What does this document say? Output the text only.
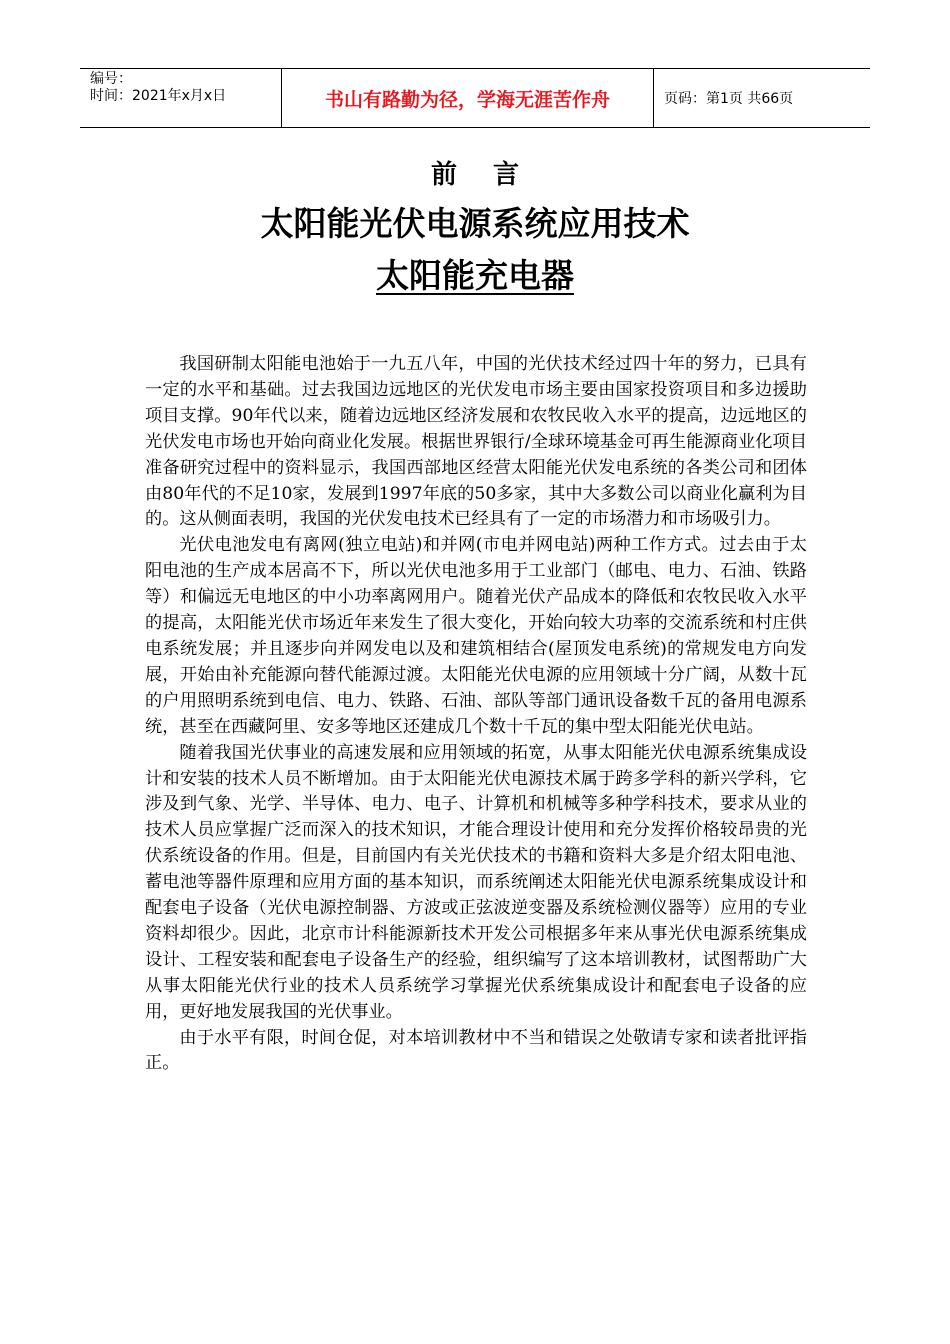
编号：
时间：2021年x月x日	书山有路勤为径，学海无涯苦作舟	页码：第1页 共66页
前言
太阳能光伏电源系统应用技术
太阳能充电器

我国研制太阳能电池始于一九五八年，中国的光伏技术经过四十年的努力，已具有一定的水平和基础。过去我国边远地区的光伏发电市场主要由国家投资项目和多边援助项目支撑。90年代以来，随着边远地区经济发展和农牧民收入水平的提高，边远地区的光伏发电市场也开始向商业化发展。根据世界银行/全球环境基金可再生能源商业化项目准备研究过程中的资料显示，我国西部地区经营太阳能光伏发电系统的各类公司和团体由80年代的不足10家，发展到1997年底的50多家，其中大多数公司以商业化赢利为目的。这从侧面表明，我国的光伏发电技术已经具有了一定的市场潜力和市场吸引力。

光伏电池发电有离网(独立电站)和并网(市电并网电站)两种工作方式。过去由于太阳电池的生产成本居高不下，所以光伏电池多用于工业部门（邮电、电力、石油、铁路等）和偏远无电地区的中小功率离网用户。随着光伏产品成本的降低和农牧民收入水平的提高，太阳能光伏市场近年来发生了很大变化，开始向较大功率的交流系统和村庄供电系统发展；并且逐步向并网发电以及和建筑相结合(屋顶发电系统)的常规发电方向发展，开始由补充能源向替代能源过渡。太阳能光伏电源的应用领域十分广阔，从数十瓦的户用照明系统到电信、电力、铁路、石油、部队等部门通讯设备数千瓦的备用电源系统，甚至在西藏阿里、安多等地区还建成几个数十千瓦的集中型太阳能光伏电站。

随着我国光伏事业的高速发展和应用领域的拓宽，从事太阳能光伏电源系统集成设计和安装的技术人员不断增加。由于太阳能光伏电源技术属于跨多学科的新兴学科，它涉及到气象、光学、半导体、电力、电子、计算机和机械等多种学科技术，要求从业的技术人员应掌握广泛而深入的技术知识，才能合理设计使用和充分发挥价格较昂贵的光伏系统设备的作用。但是，目前国内有关光伏技术的书籍和资料大多是介绍太阳电池、蓄电池等器件原理和应用方面的基本知识，而系统阐述太阳能光伏电源系统集成设计和配套电子设备（光伏电源控制器、方波或正弦波逆变器及系统检测仪器等）应用的专业资料却很少。因此，北京市计科能源新技术开发公司根据多年来从事光伏电源系统集成设计、工程安装和配套电子设备生产的经验，组织编写了这本培训教材，试图帮助广大从事太阳能光伏行业的技术人员系统学习掌握光伏系统集成设计和配套电子设备的应用，更好地发展我国的光伏事业。

由于水平有限，时间仓促，对本培训教材中不当和错误之处敬请专家和读者批评指正。
